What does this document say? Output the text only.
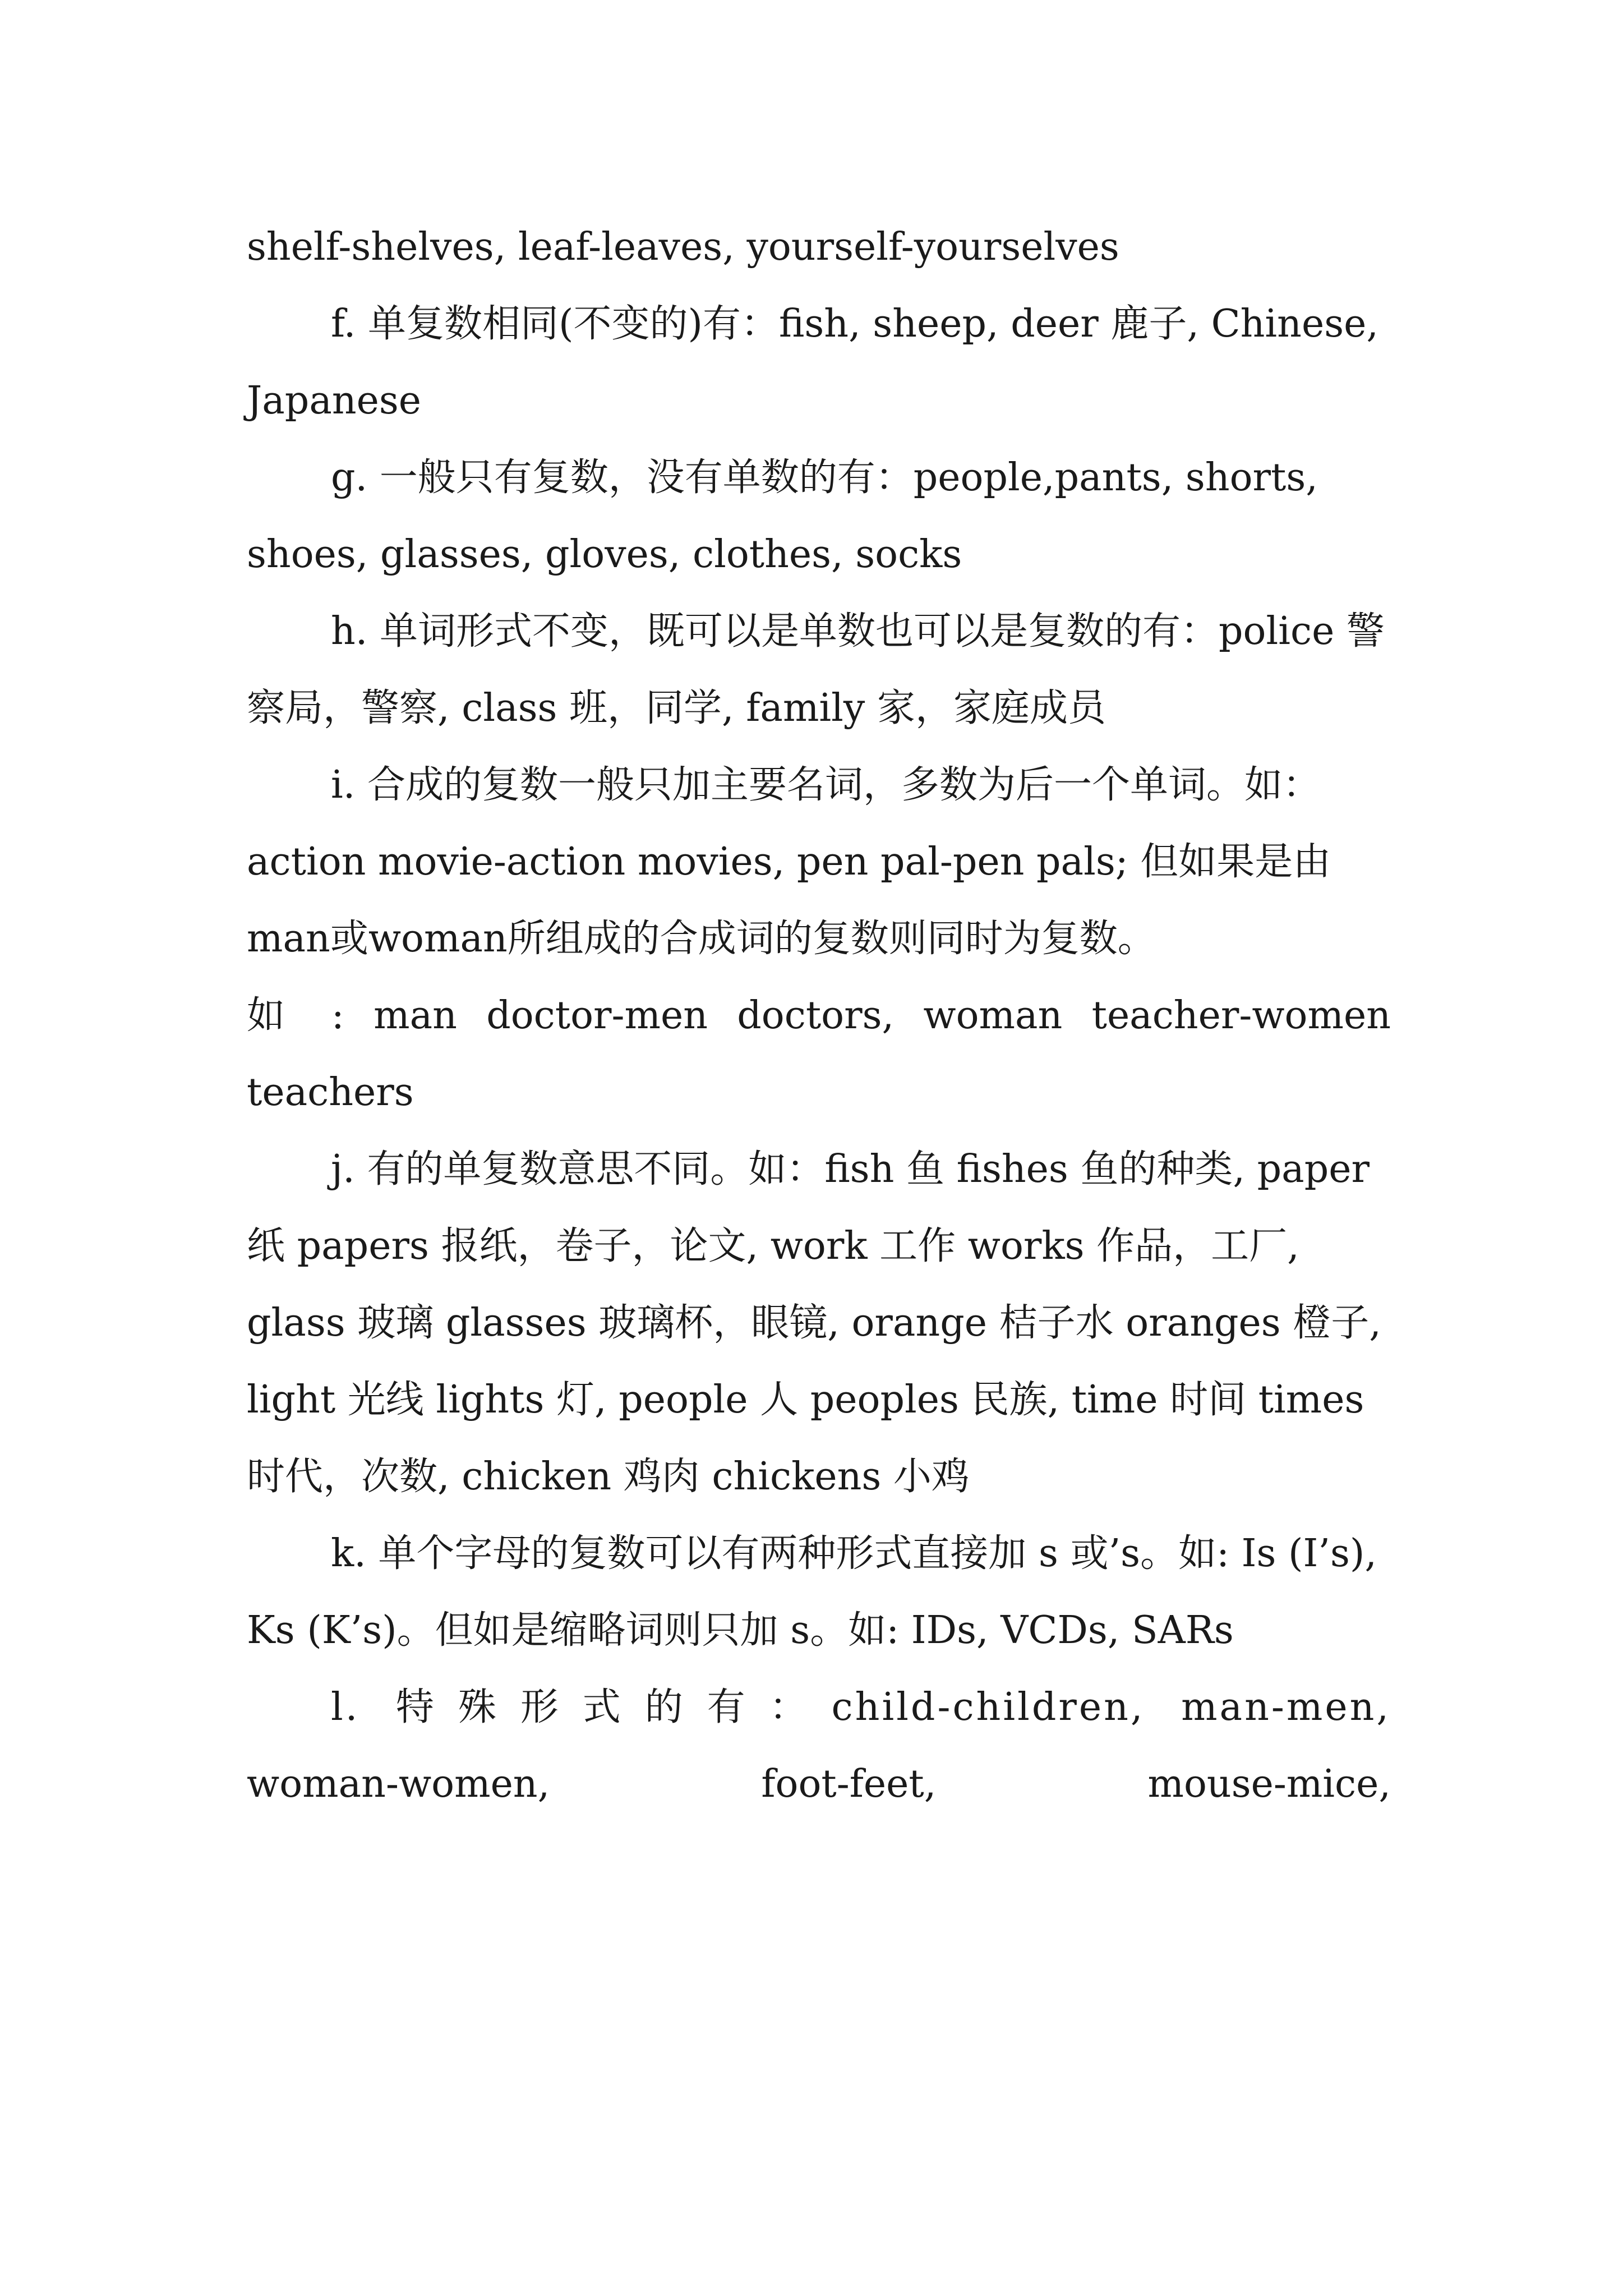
shelf-shelves, leaf-leaves, yourself-yourselves

f. 单复数相同(不变的)有：fish, sheep, deer 鹿子, Chinese, Japanese

g. 一般只有复数，没有单数的有：people,pants, shorts, shoes, glasses, gloves, clothes, socks

h. 单词形式不变，既可以是单数也可以是复数的有：police 警察局，警察, class 班，同学, family 家，家庭成员

i. 合成的复数一般只加主要名词，多数为后一个单词。如：action movie-action movies, pen pal-pen pals; 但如果是由man或woman所组成的合成词的复数则同时为复数。

如 : man doctor-men doctors, woman teacher-women

teachers

j. 有的单复数意思不同。如：fish 鱼 fishes 鱼的种类, paper 纸 papers 报纸，卷子，论文, work 工作 works 作品，工厂, glass 玻璃 glasses 玻璃杯，眼镜, orange 桔子水 oranges 橙子, light 光线 lights 灯, people 人 peoples 民族, time 时间 times 时代，次数, chicken 鸡肉 chickens 小鸡

k. 单个字母的复数可以有两种形式直接加 s 或’s。如: Is (I’s), Ks (K’s)。但如是缩略词则只加 s。如: IDs, VCDs, SARs

l. 特殊形式的有：child-children, man-men,

woman-women, foot-feet, mouse-mice,
